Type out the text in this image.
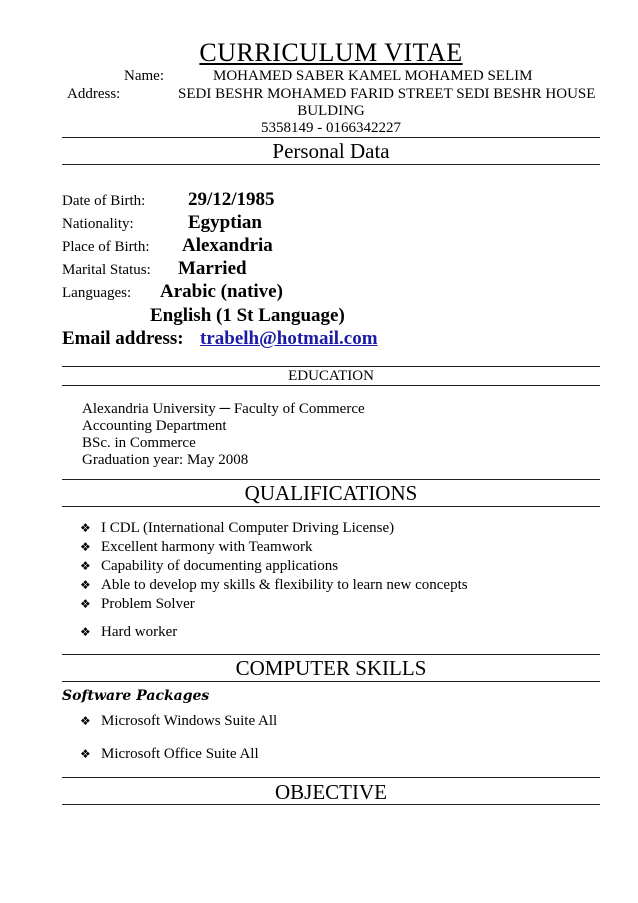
CURRICULUM VITAE
Name:	MOHAMED SABER KAMEL MOHAMED SELIM
Address:	SEDI BESHR MOHAMED FARID STREET SEDI BESHR HOUSE
BULDING
5358149 - 0166342227
Personal Data
Date of Birth: 29/12/1985
Nationality:	Egyptian
Place of Birth: Alexandria
Marital Status: Married
Languages: Arabic (native)
English (1 St Language)
Email address: trabelh@hotmail.com
EDUCATION
Alexandria University ─ Faculty of Commerce
Accounting Department
BSc. in Commerce
Graduation year: May 2008
QUALIFICATIONS
❖ I CDL (International Computer Driving License)
❖ Excellent harmony with Teamwork
❖ Capability of documenting applications
❖ Able to develop my skills & flexibility to learn new concepts
❖ Problem Solver
❖ Hard worker
COMPUTER SKILLS
Software Packages
❖ Microsoft Windows Suite All
❖ Microsoft Office Suite All
OBJECTIVE
